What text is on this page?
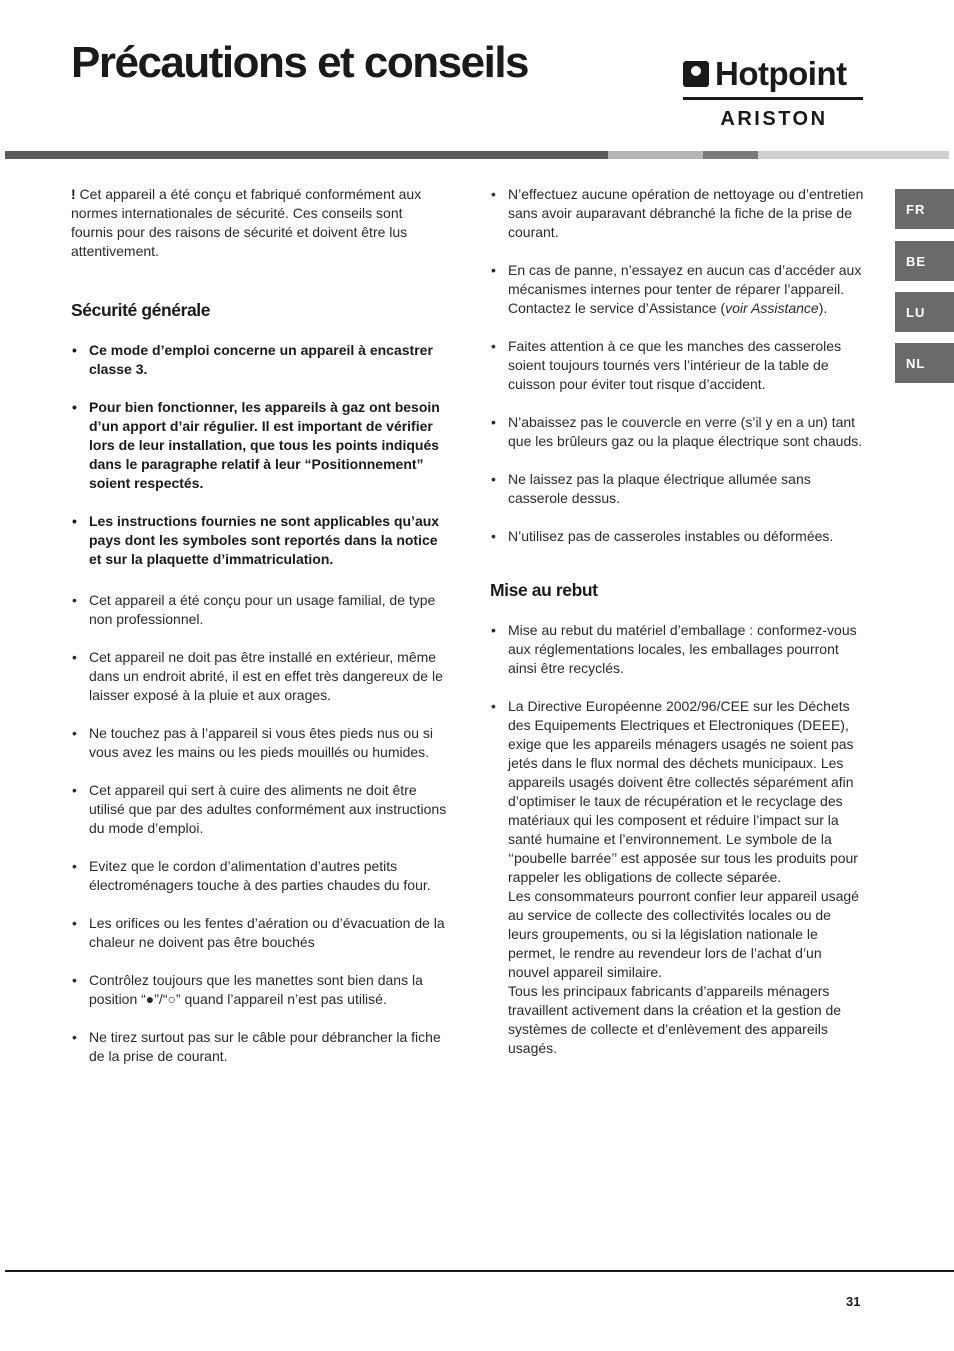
Précautions et conseils	Hotpoint
ARISTON
FR
BE
LU
NL

! Cet appareil a été conçu et fabriqué conformément aux normes internationales de sécurité. Ces conseils sont fournis pour des raisons de sécurité et doivent être lus attentivement.

Sécurité générale
• Ce mode d’emploi concerne un appareil à encastrer classe 3.
• Pour bien fonctionner, les appareils à gaz ont besoin d’un apport d’air régulier. Il est important de vérifier lors de leur installation, que tous les points indiqués dans le paragraphe relatif à leur “Positionnement” soient respectés.
• Les instructions fournies ne sont applicables qu’aux pays dont les symboles sont reportés dans la notice et sur la plaquette d’immatriculation.
• Cet appareil a été conçu pour un usage familial, de type non professionnel.
• Cet appareil ne doit pas être installé en extérieur, même dans un endroit abrité, il est en effet très dangereux de le laisser exposé à la pluie et aux orages.
• Ne touchez pas à l’appareil si vous êtes pieds nus ou si vous avez les mains ou les pieds mouillés ou humides.
• Cet appareil qui sert à cuire des aliments ne doit être utilisé que par des adultes conformément aux instructions du mode d’emploi.
• Evitez que le cordon d’alimentation d’autres petits électroménagers touche à des parties chaudes du four.
• Les orifices ou les fentes d’aération ou d’évacuation de la chaleur ne doivent pas être bouchés
• Contrôlez toujours que les manettes sont bien dans la position “●”/“○” quand l’appareil n’est pas utilisé.
• Ne tirez surtout pas sur le câble pour débrancher la fiche de la prise de courant.
• N’effectuez aucune opération de nettoyage ou d’entretien sans avoir auparavant débranché la fiche de la prise de courant.
• En cas de panne, n’essayez en aucun cas d’accéder aux mécanismes internes pour tenter de réparer l’appareil. Contactez le service d’Assistance (voir Assistance).
• Faites attention à ce que les manches des casseroles soient toujours tournés vers l’intérieur de la table de cuisson pour éviter tout risque d’accident.
• N’abaissez pas le couvercle en verre (s’il y en a un) tant que les brûleurs gaz ou la plaque électrique sont chauds.
• Ne laissez pas la plaque électrique allumée sans casserole dessus.
• N’utilisez pas de casseroles instables ou déformées.
Mise au rebut
• Mise au rebut du matériel d’emballage : conformez-vous aux réglementations locales, les emballages pourront ainsi être recyclés.
• La Directive Européenne 2002/96/CEE sur les Déchets des Equipements Electriques et Electroniques (DEEE), exige que les appareils ménagers usagés ne soient pas jetés dans le flux normal des déchets municipaux. Les appareils usagés doivent être collectés séparément afin d’optimiser le taux de récupération et le recyclage des matériaux qui les composent et réduire l’impact sur la santé humaine et l’environnement. Le symbole de la ‘‘poubelle barrée’’ est apposée sur tous les produits pour rappeler les obligations de collecte séparée.
Les consommateurs pourront confier leur appareil usagé au service de collecte des collectivités locales ou de leurs groupements, ou si la législation nationale le permet, le rendre au revendeur lors de l’achat d’un nouvel appareil similaire.
Tous les principaux fabricants d’appareils ménagers travaillent activement dans la création et la gestion de systèmes de collecte et d’enlèvement des appareils usagés.
31
